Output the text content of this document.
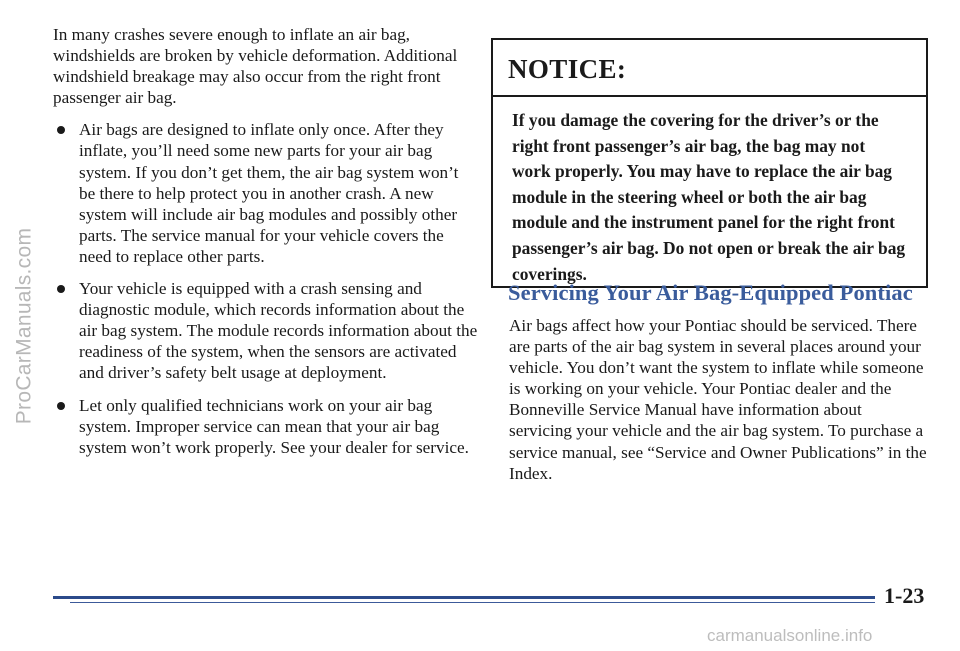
ProCarManuals.com

In many crashes severe enough to inflate an air bag, windshields are broken by vehicle deformation. Additional windshield breakage may also occur from the right front passenger air bag.

Air bags are designed to inflate only once. After they inflate, you’ll need some new parts for your air bag system. If you don’t get them, the air bag system won’t be there to help protect you in another crash. A new system will include air bag modules and possibly other parts. The service manual for your vehicle covers the need to replace other parts.
Your vehicle is equipped with a crash sensing and diagnostic module, which records information about the air bag system. The module records information about the readiness of the system, when the sensors are activated and driver’s safety belt usage at deployment.
Let only qualified technicians work on your air bag system. Improper service can mean that your air bag system won’t work properly. See your dealer for service.
NOTICE:
If you damage the covering for the driver’s or the right front passenger’s air bag, the bag may not work properly. You may have to replace the air bag module in the steering wheel or both the air bag module and the instrument panel for the right front passenger’s air bag. Do not open or break the air bag coverings.
Servicing Your Air Bag-Equipped Pontiac

Air bags affect how your Pontiac should be serviced. There are parts of the air bag system in several places around your vehicle. You don’t want the system to inflate while someone is working on your vehicle. Your Pontiac dealer and the Bonneville Service Manual have information about servicing your vehicle and the air bag system. To purchase a service manual, see “Service and Owner Publications” in the Index.

1-23
carmanualsonline.info
